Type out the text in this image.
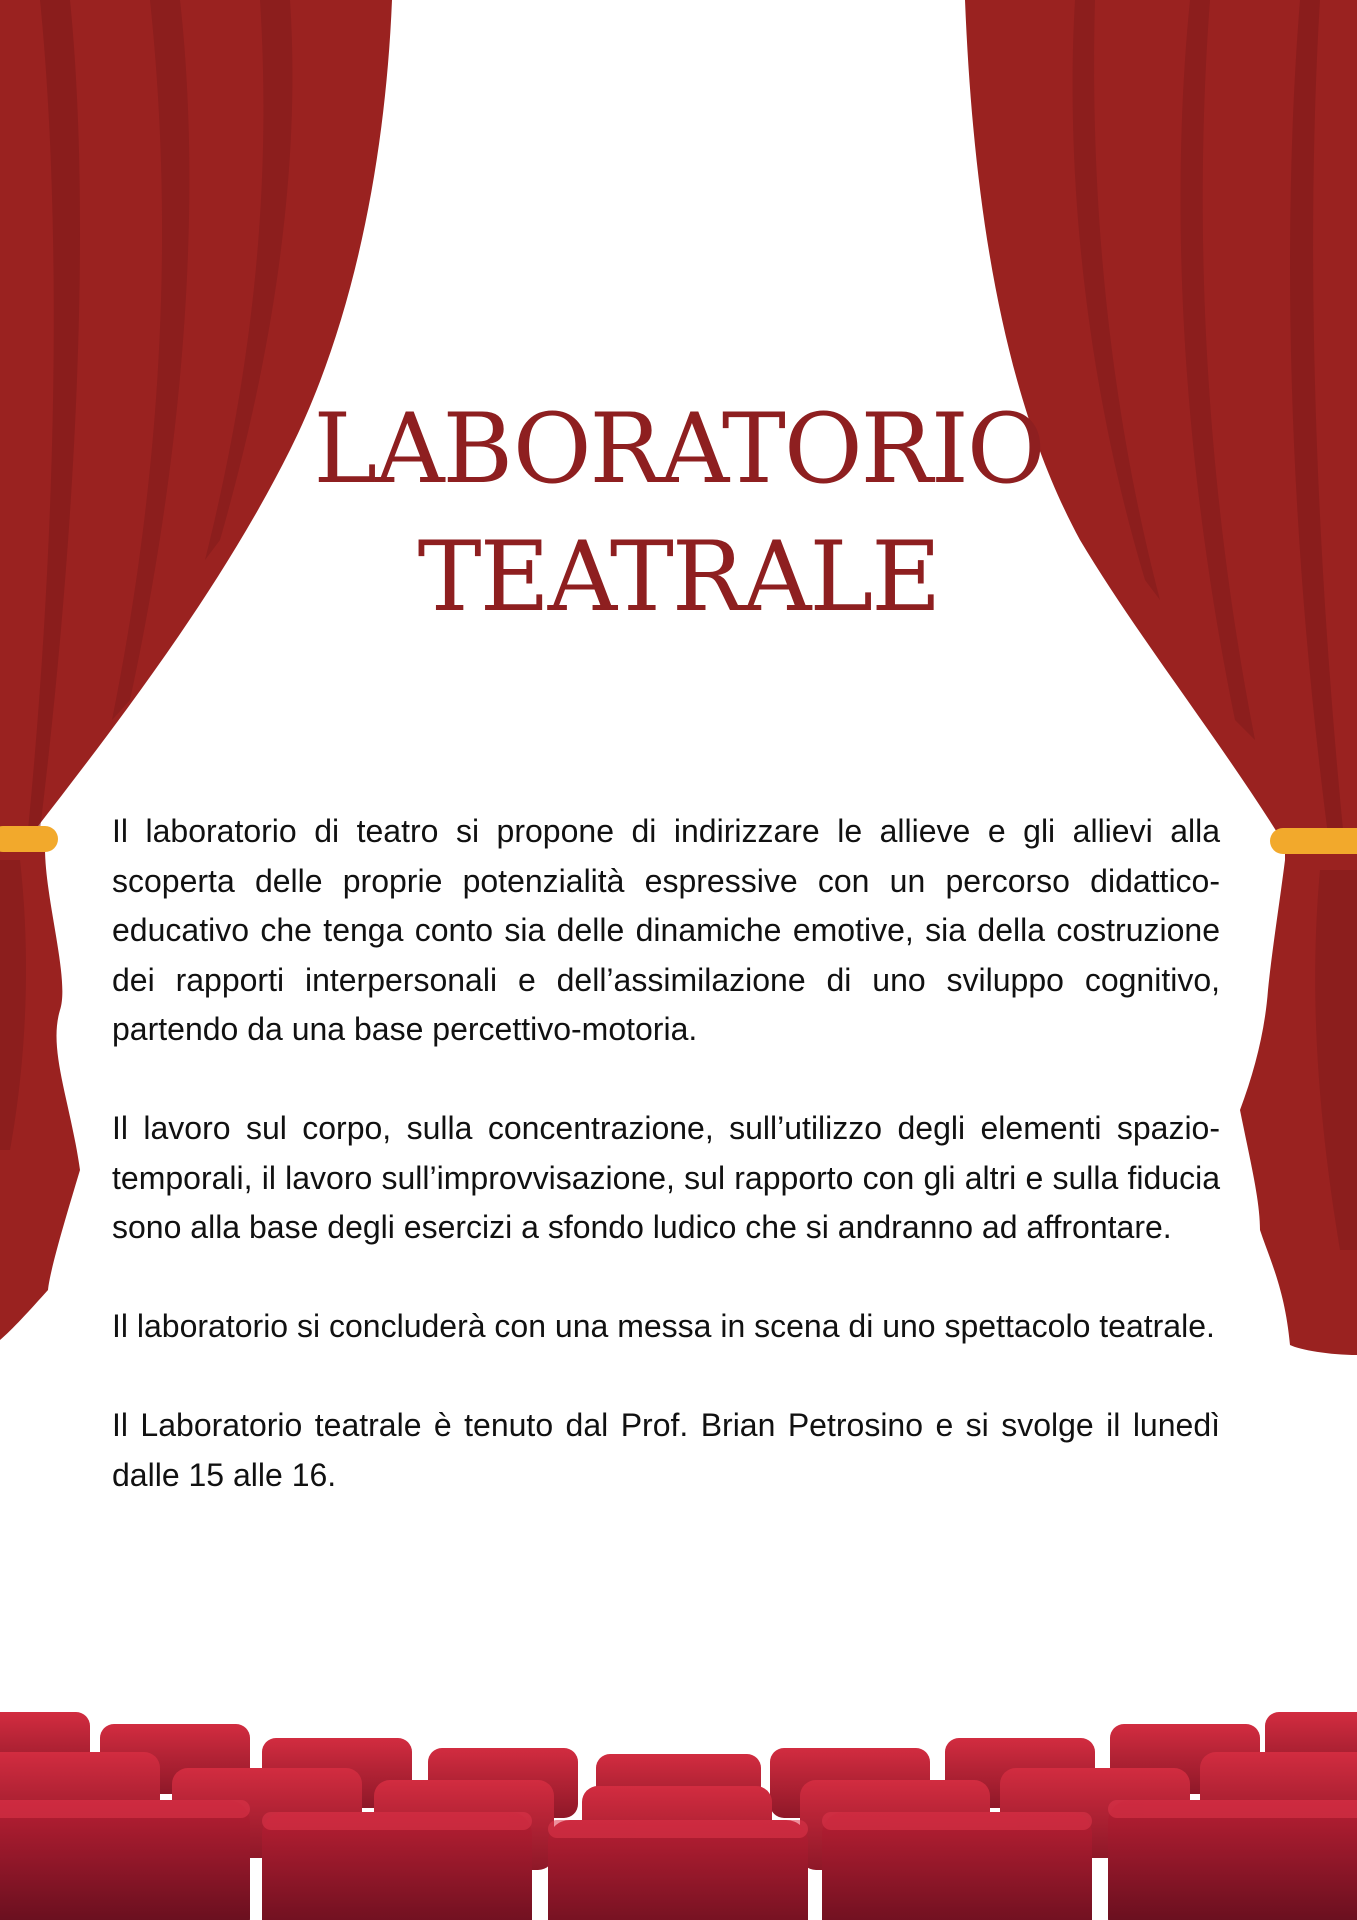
LABORATORIO
TEATRALE

Il laboratorio di teatro si propone di indirizzare le allieve e gli allievi alla scoperta delle proprie potenzialità espressive con un percorso didattico-educativo che tenga conto sia delle dinamiche emotive, sia della costruzione dei rapporti interpersonali e dell’assimilazione di uno sviluppo cognitivo, partendo da una base percettivo-motoria.

Il lavoro sul corpo, sulla concentrazione, sull’utilizzo degli elementi spazio-temporali, il lavoro sull’improvvisazione, sul rapporto con gli altri e sulla fiducia sono alla base degli esercizi a sfondo ludico che si andranno ad affrontare.

Il laboratorio si concluderà con una messa in scena di uno spettacolo teatrale.

Il Laboratorio teatrale è tenuto dal Prof. Brian Petrosino e si svolge il lunedì dalle 15 alle 16.
